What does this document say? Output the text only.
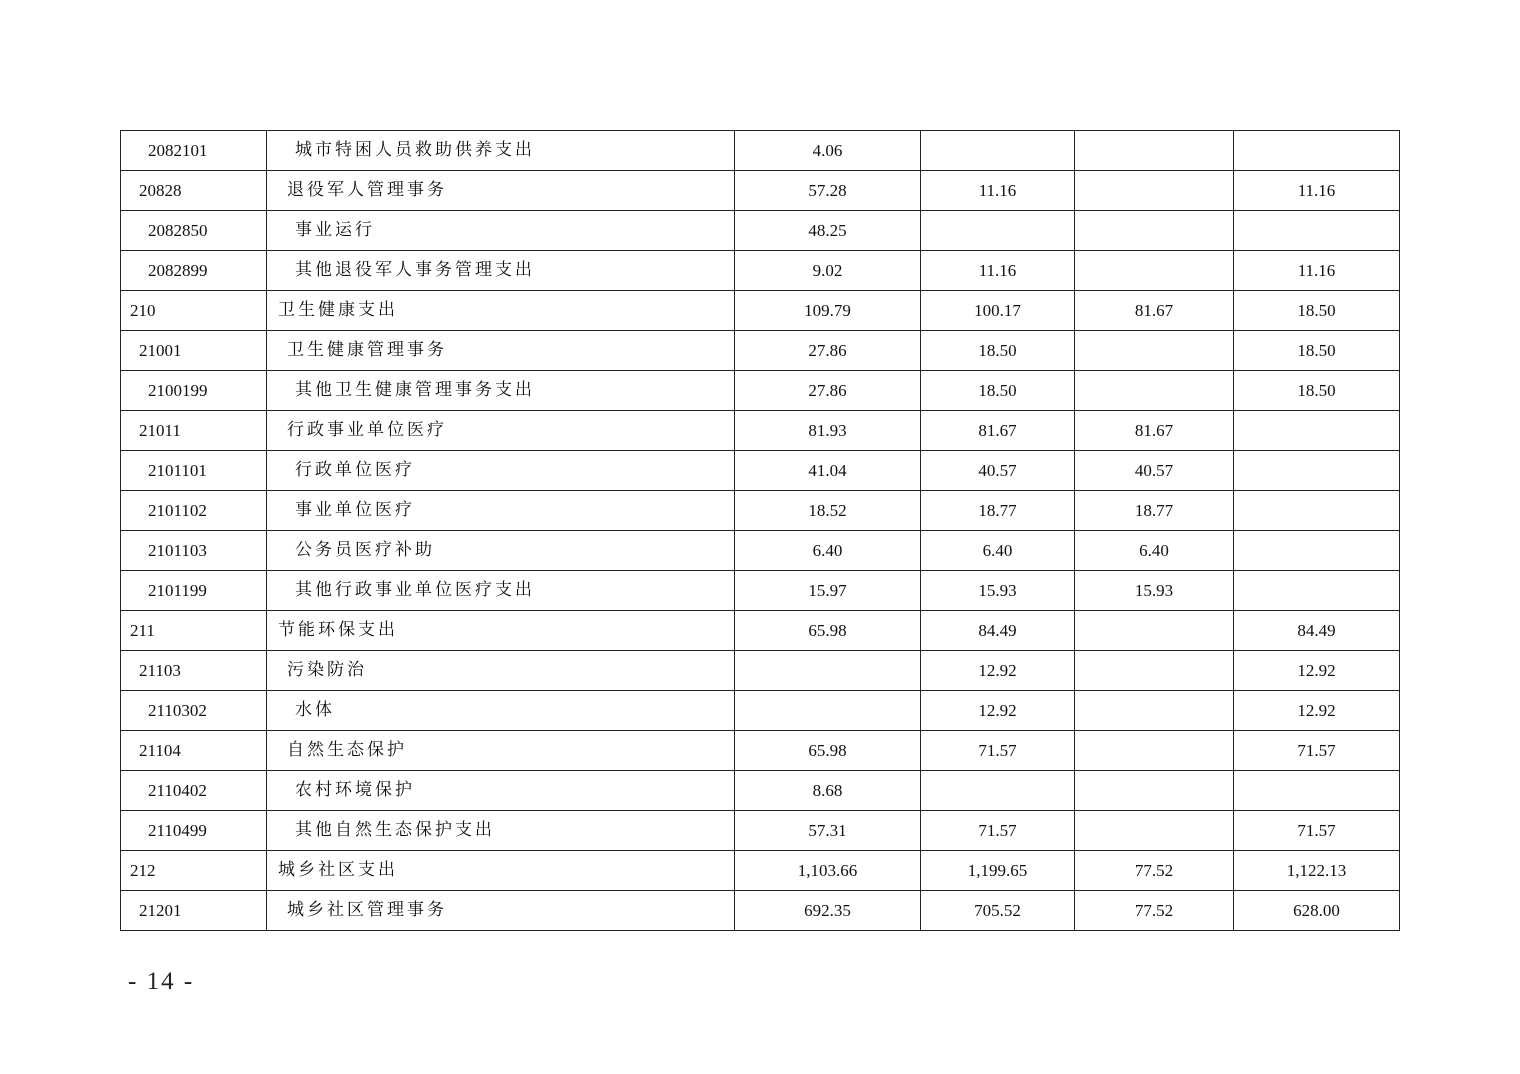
2082101	城市特困人员救助供养支出	4.06			
20828	退役军人管理事务	57.28	11.16		11.16
2082850	事业运行	48.25			
2082899	其他退役军人事务管理支出	9.02	11.16		11.16
210	卫生健康支出	109.79	100.17	81.67	18.50
21001	卫生健康管理事务	27.86	18.50		18.50
2100199	其他卫生健康管理事务支出	27.86	18.50		18.50
21011	行政事业单位医疗	81.93	81.67	81.67	
2101101	行政单位医疗	41.04	40.57	40.57	
2101102	事业单位医疗	18.52	18.77	18.77	
2101103	公务员医疗补助	6.40	6.40	6.40	
2101199	其他行政事业单位医疗支出	15.97	15.93	15.93	
211	节能环保支出	65.98	84.49		84.49
21103	污染防治		12.92		12.92
2110302	水体		12.92		12.92
21104	自然生态保护	65.98	71.57		71.57
2110402	农村环境保护	8.68			
2110499	其他自然生态保护支出	57.31	71.57		71.57
212	城乡社区支出	1,103.66	1,199.65	77.52	1,122.13
21201	城乡社区管理事务	692.35	705.52	77.52	628.00
- 14 -
